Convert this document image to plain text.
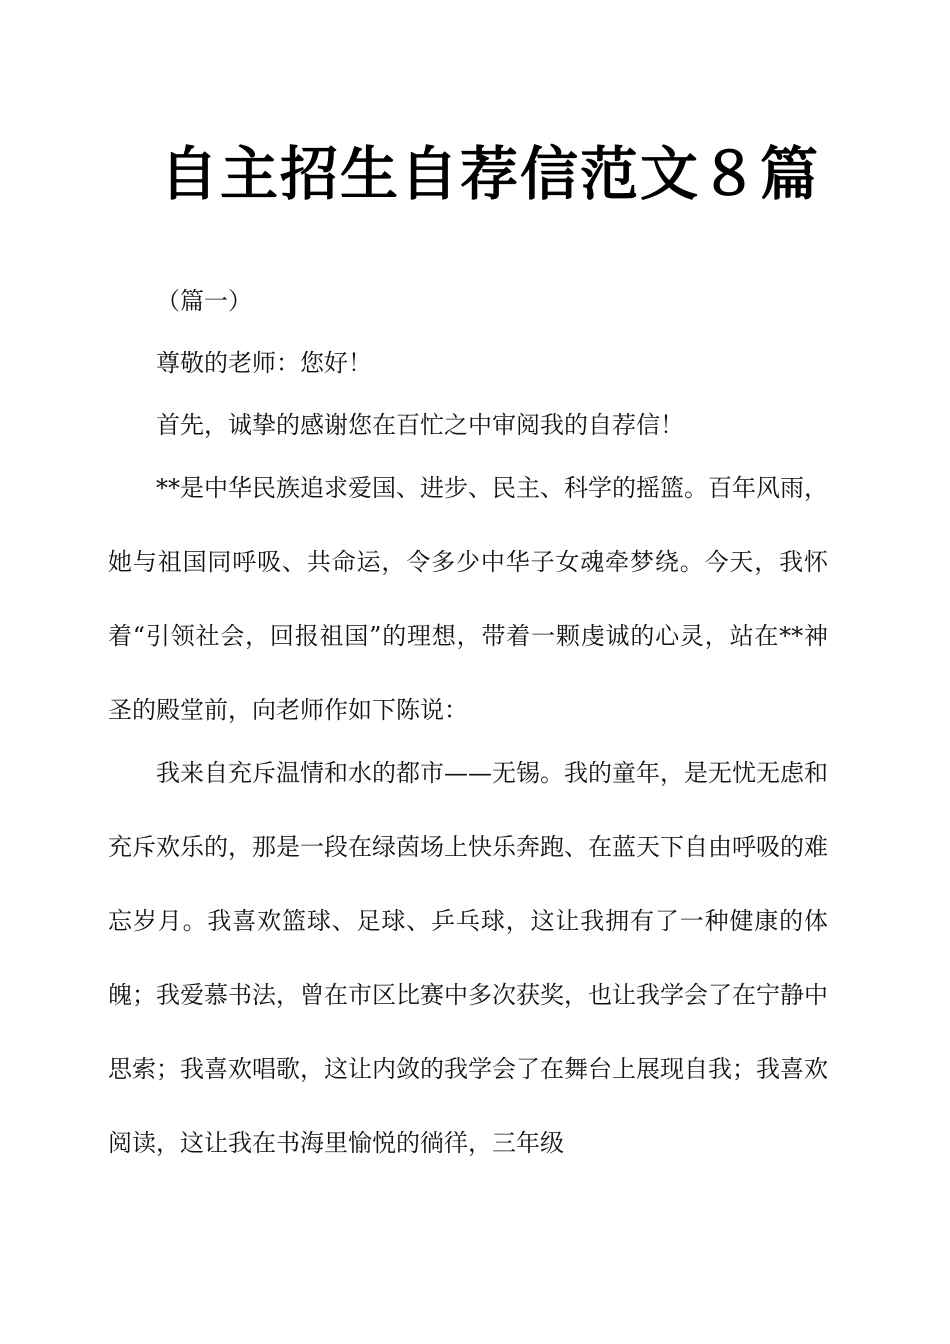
自主招生自荐信范文８篇

（篇一）

尊敬的老师：您好！

首先，诚挚的感谢您在百忙之中审阅我的自荐信！

**是中华民族追求爱国、进步、民主、科学的摇篮。百年风雨，她与祖国同呼吸、共命运，令多少中华子女魂牵梦绕。今天，我怀着“引领社会，回报祖国”的理想，带着一颗虔诚的心灵，站在**神圣的殿堂前，向老师作如下陈说：

我来自充斥温情和水的都市——无锡。我的童年，是无忧无虑和充斥欢乐的，那是一段在绿茵场上快乐奔跑、在蓝天下自由呼吸的难忘岁月。我喜欢篮球、足球、乒乓球，这让我拥有了一种健康的体魄；我爱慕书法，曾在市区比赛中多次获奖，也让我学会了在宁静中思索；我喜欢唱歌，这让内敛的我学会了在舞台上展现自我；我喜欢阅读，这让我在书海里愉悦的徜徉，三年级
